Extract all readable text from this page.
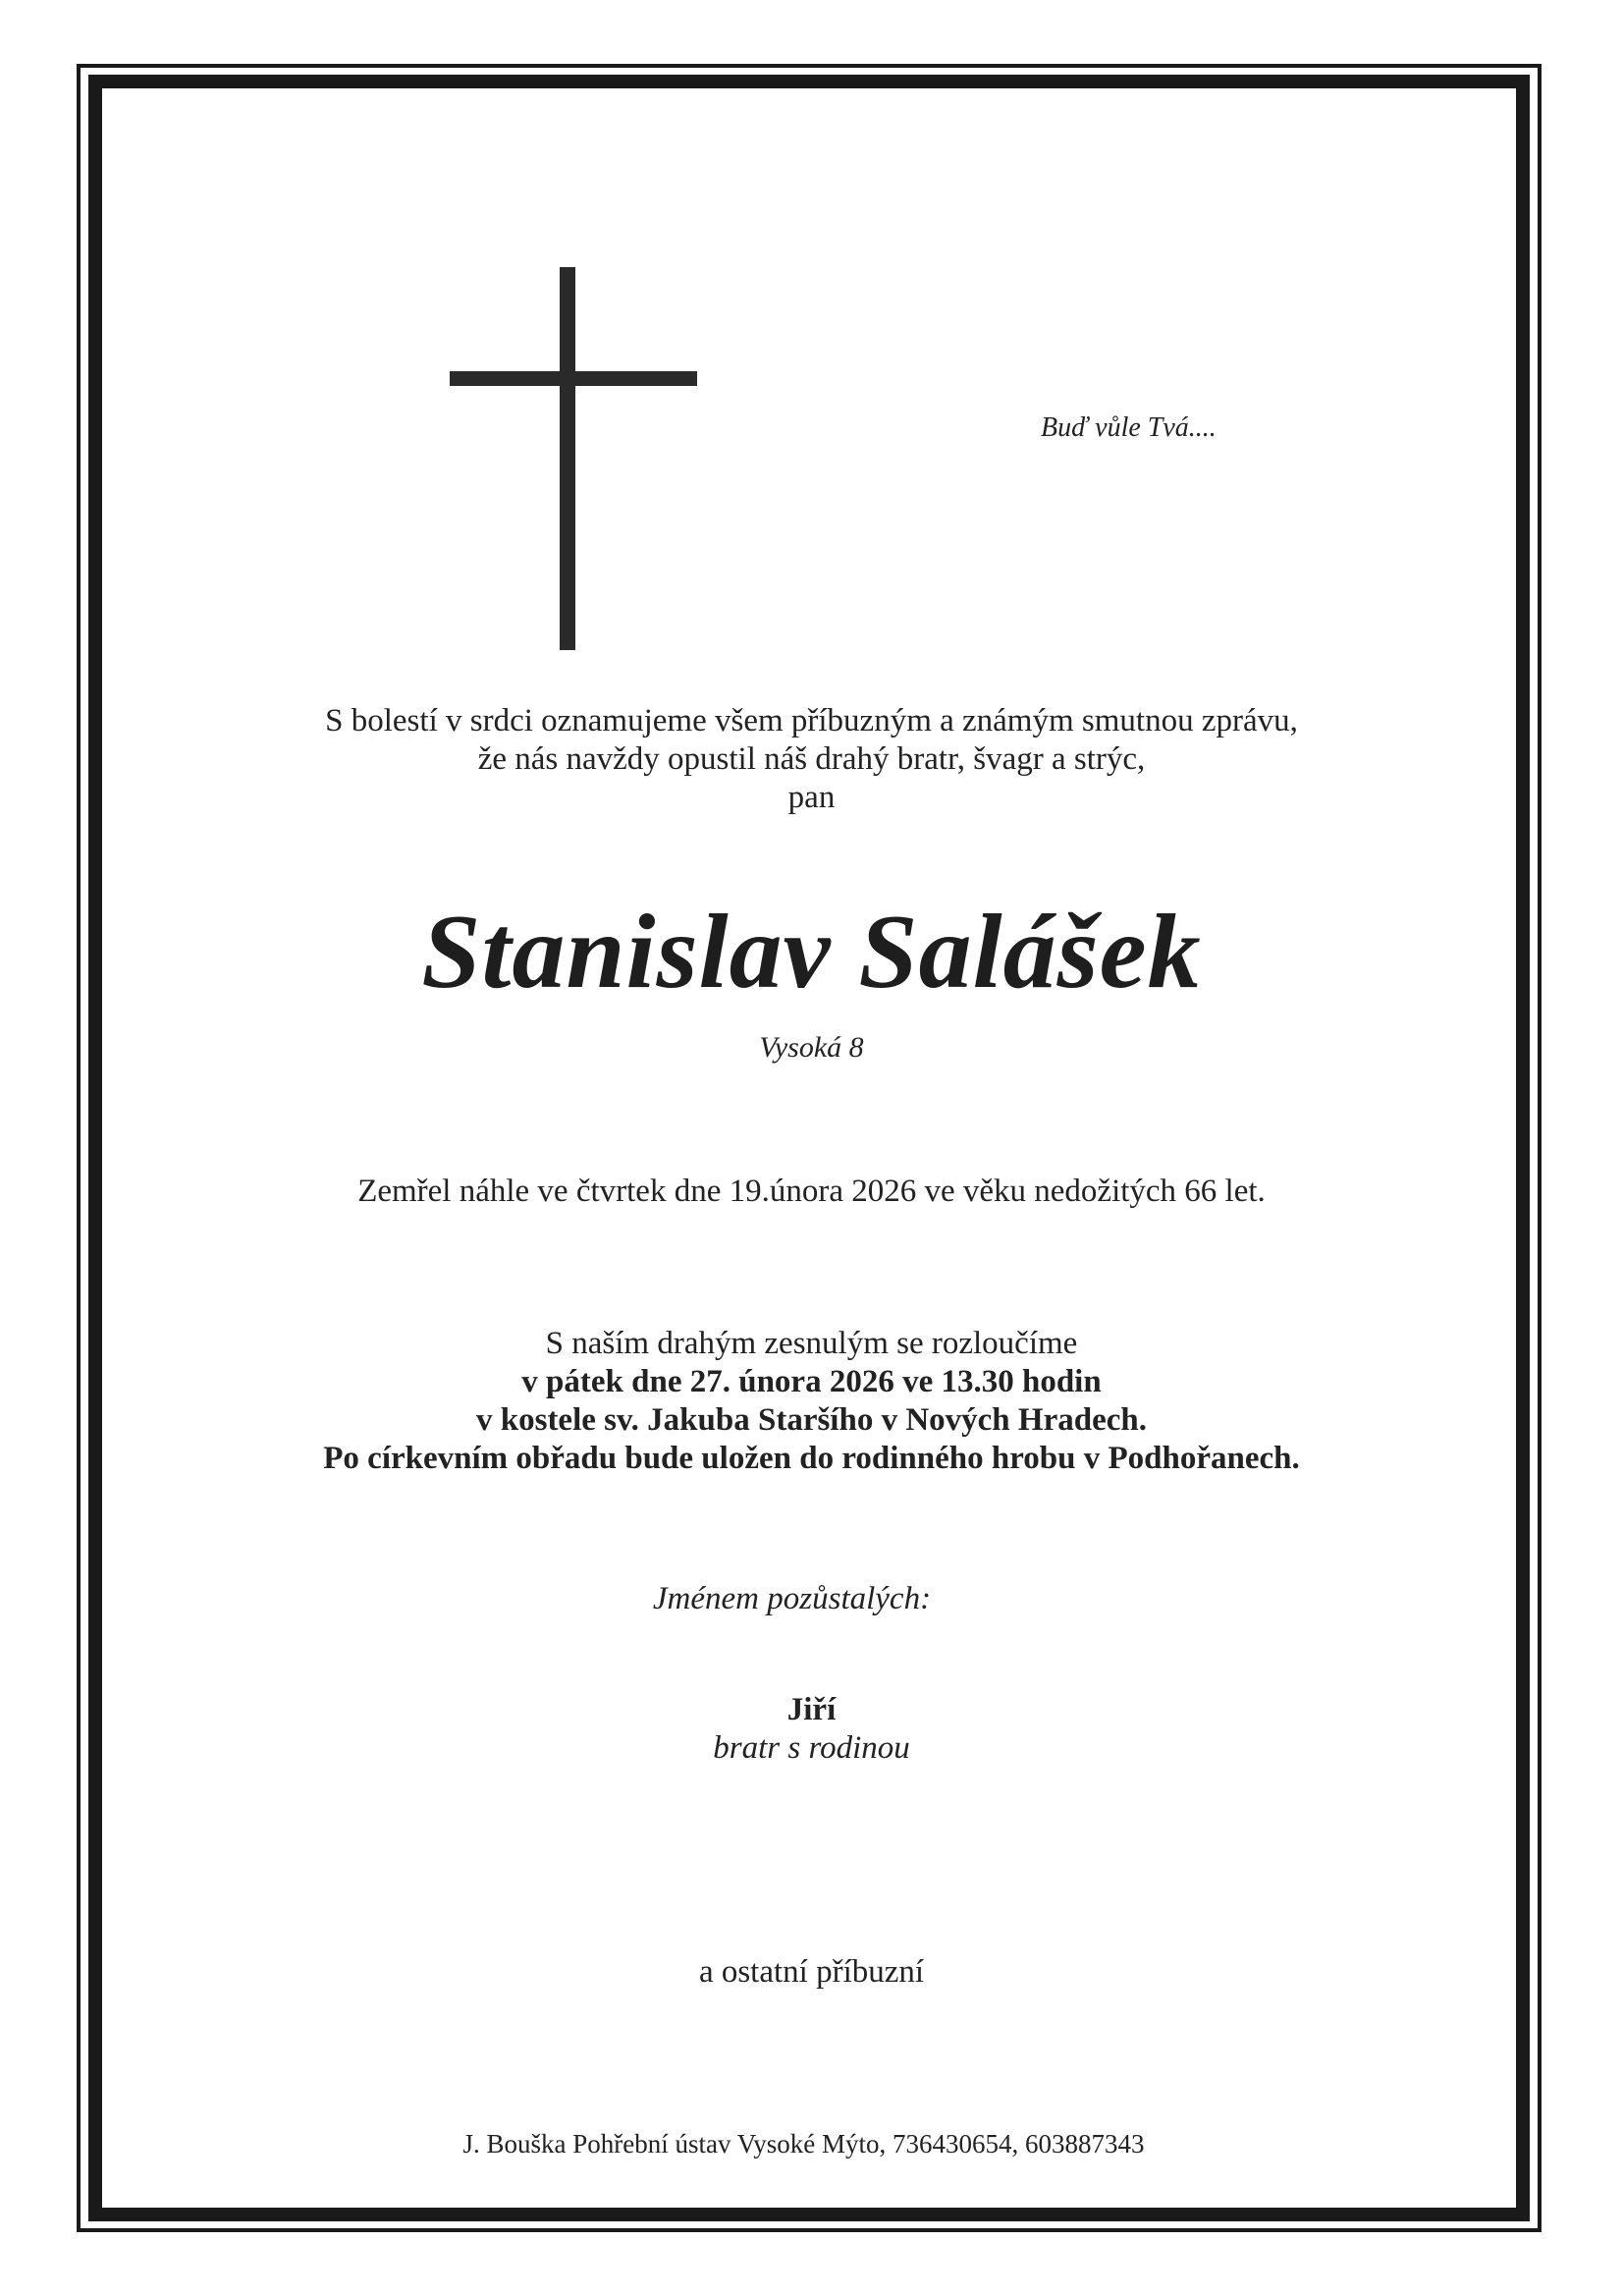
Buď vůle Tvá....

S bolestí v srdci oznamujeme všem příbuzným a známým smutnou zprávu,

že nás navždy opustil náš drahý bratr, švagr a strýc,

pan

Stanislav Salášek

Vysoká 8

Zemřel náhle ve čtvrtek dne 19.února 2026 ve věku nedožitých 66 let.

S naším drahým zesnulým se rozloučíme

v pátek dne 27. února 2026 ve 13.30 hodin

v kostele sv. Jakuba Staršího v Nových Hradech.

Po církevním obřadu bude uložen do rodinného hrobu v Podhořanech.

Jménem pozůstalých:

Jiří

bratr s rodinou

a ostatní příbuzní

J. Bouška Pohřební ústav Vysoké Mýto, 736430654, 603887343
